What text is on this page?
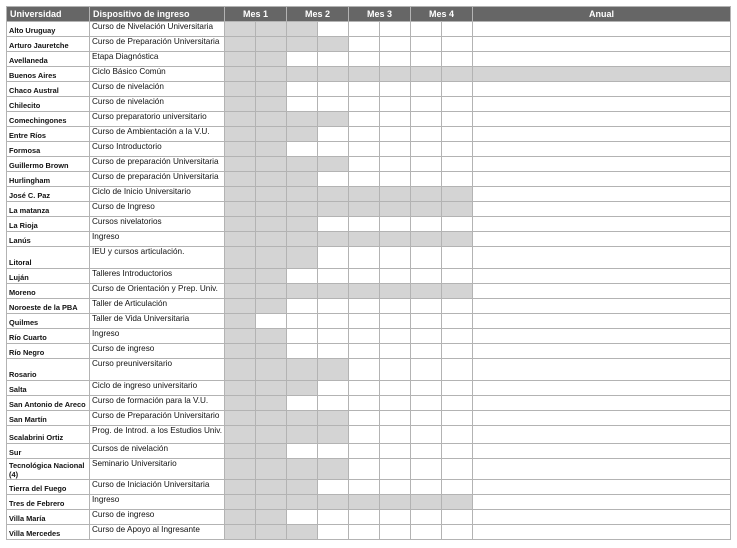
Universidad	Dispositivo de ingreso	Mes 1		Mes 2		Mes 3		Mes 4		Anual
Alto Uruguay	Curso de Nivelación Universitaria									
Arturo Jauretche	Curso de Preparación Universitaria									
Avellaneda	Etapa Diagnóstica									
Buenos Aires	Ciclo Básico Común									
Chaco Austral	Curso de nivelación									
Chilecito	Curso de nivelación									
Comechingones	Curso preparatorio universitario									
Entre Ríos	Curso de Ambientación a la V.U.									
Formosa	Curso Introductorio									
Guillermo Brown	Curso de preparación Universitaria									
Hurlingham	Curso de preparación Universitaria									
José C. Paz	Ciclo de Inicio Universitario									
La matanza	Curso de Ingreso									
La Rioja	Cursos nivelatorios									
Lanús	Ingreso									
Litoral	IEU y cursos articulación.									
Luján	Talleres Introductorios									
Moreno	Curso de Orientación y Prep. Univ.									
Noroeste de la PBA	Taller de Articulación									
Quilmes	Taller de Vida Universitaria									
Río Cuarto	Ingreso									
Río Negro	Curso de ingreso									
Rosario	Curso preuniversitario									
Salta	Ciclo de ingreso universitario									
San Antonio de Areco	Curso de formación para la V.U.									
San Martín	Curso de Preparación Universitario									
Scalabrini Ortiz	Prog. de Introd. a los Estudios Univ.									
Sur	Cursos de nivelación									
Tecnológica Nacional (4)	Seminario Universitario									
Tierra del Fuego	Curso de Iniciación Universitaria									
Tres de Febrero	Ingreso									
Villa María	Curso de ingreso									
Villa Mercedes	Curso de Apoyo al Ingresante									
